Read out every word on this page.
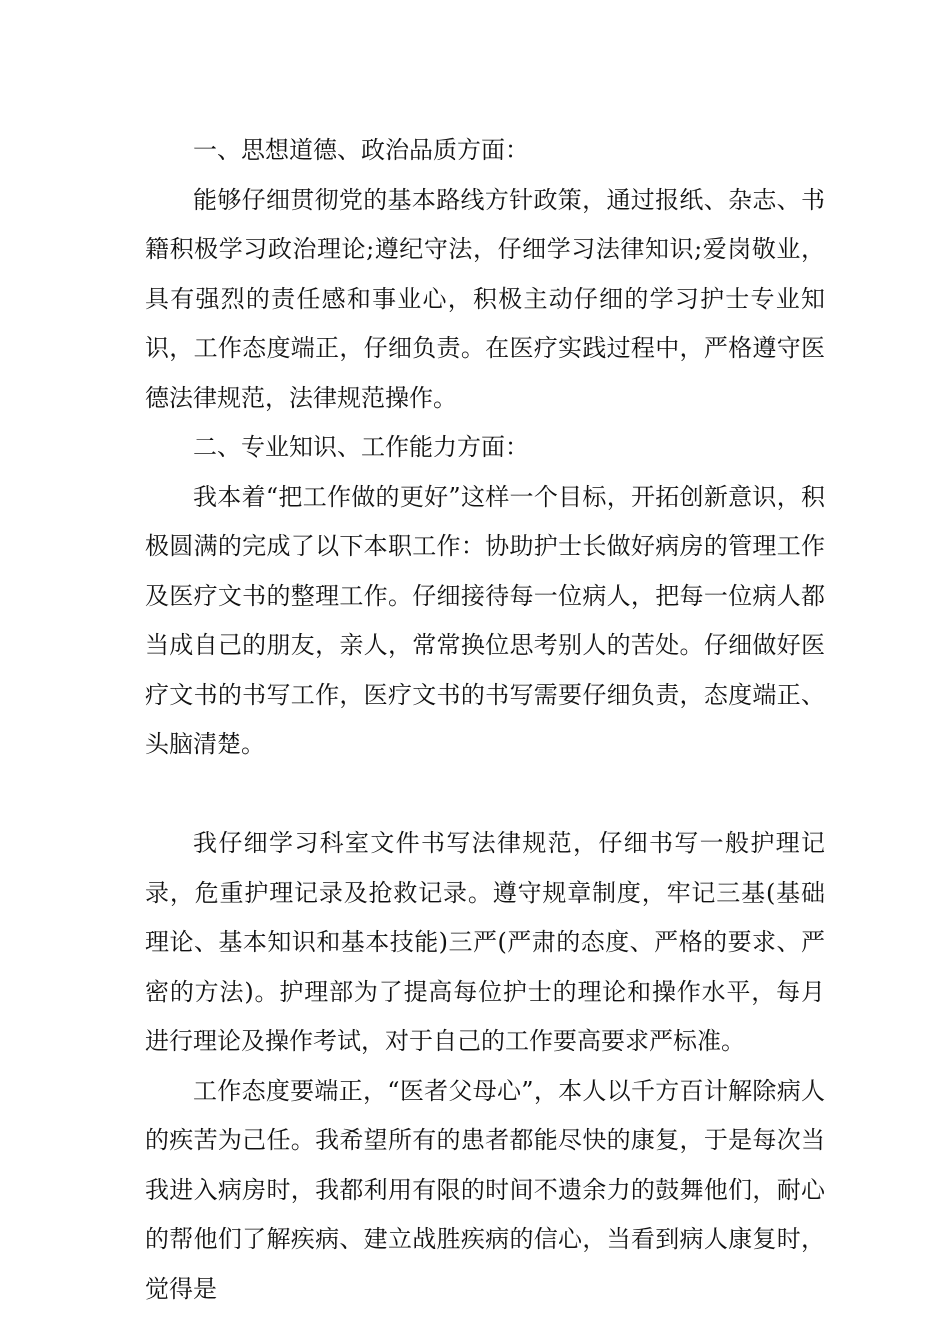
一、思想道德、政治品质方面：

能够仔细贯彻党的基本路线方针政策，通过报纸、杂志、书籍积极学习政治理论;遵纪守法，仔细学习法律知识;爱岗敬业，具有强烈的责任感和事业心，积极主动仔细的学习护士专业知识，工作态度端正，仔细负责。在医疗实践过程中，严格遵守医德法律规范，法律规范操作。

二、专业知识、工作能力方面：

我本着“把工作做的更好”这样一个目标，开拓创新意识，积极圆满的完成了以下本职工作：协助护士长做好病房的管理工作及医疗文书的整理工作。仔细接待每一位病人，把每一位病人都当成自己的朋友，亲人，常常换位思考别人的苦处。仔细做好医疗文书的书写工作，医疗文书的书写需要仔细负责，态度端正、头脑清楚。

我仔细学习科室文件书写法律规范，仔细书写一般护理记录，危重护理记录及抢救记录。遵守规章制度，牢记三基(基础理论、基本知识和基本技能)三严(严肃的态度、严格的要求、严密的方法)。护理部为了提高每位护士的理论和操作水平，每月进行理论及操作考试，对于自己的工作要高要求严标准。

工作态度要端正，“医者父母心”，本人以千方百计解除病人的疾苦为己任。我希望所有的患者都能尽快的康复，于是每次当我进入病房时，我都利用有限的时间不遗余力的鼓舞他们，耐心的帮他们了解疾病、建立战胜疾病的信心，当看到病人康复时，觉得是
